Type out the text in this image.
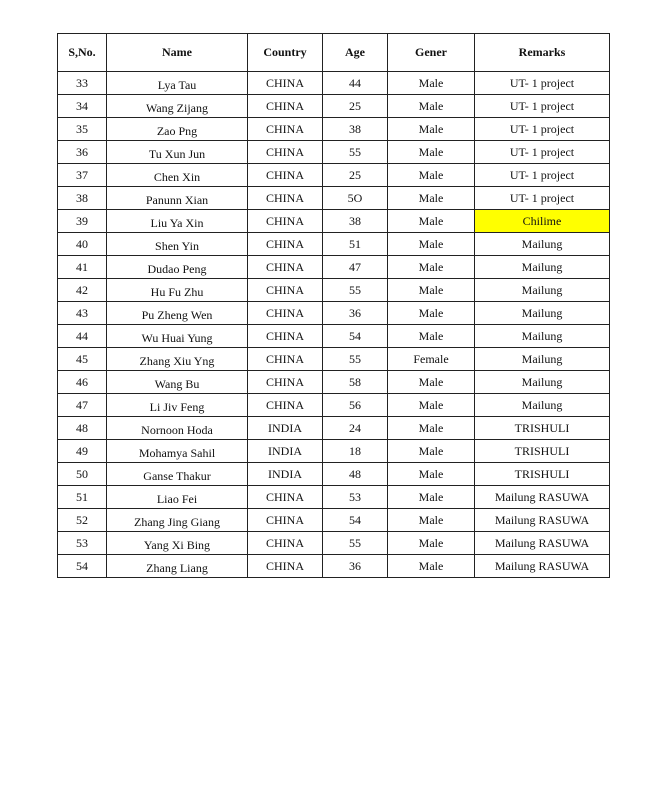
S,No.	Name	Country	Age	Gener	Remarks
33	Lya Tau	CHINA	44	Male	UT- 1 project
34	Wang Zijang	CHINA	25	Male	UT- 1 project
35	Zao Png	CHINA	38	Male	UT- 1 project
36	Tu Xun Jun	CHINA	55	Male	UT- 1 project
37	Chen Xin	CHINA	25	Male	UT- 1 project
38	Panunn Xian	CHINA	5O	Male	UT- 1 project
39	Liu Ya Xin	CHINA	38	Male	Chilime
40	Shen Yin	CHINA	51	Male	Mailung
41	Dudao Peng	CHINA	47	Male	Mailung
42	Hu Fu Zhu	CHINA	55	Male	Mailung
43	Pu Zheng Wen	CHINA	36	Male	Mailung
44	Wu Huai Yung	CHINA	54	Male	Mailung
45	Zhang Xiu Yng	CHINA	55	Female	Mailung
46	Wang Bu	CHINA	58	Male	Mailung
47	Li Jiv Feng	CHINA	56	Male	Mailung
48	Nornoon Hoda	INDIA	24	Male	TRISHULI
49	Mohamya Sahil	INDIA	18	Male	TRISHULI
50	Ganse Thakur	INDIA	48	Male	TRISHULI
51	Liao Fei	CHINA	53	Male	Mailung RASUWA
52	Zhang Jing Giang	CHINA	54	Male	Mailung RASUWA
53	Yang Xi Bing	CHINA	55	Male	Mailung RASUWA
54	Zhang Liang	CHINA	36	Male	Mailung RASUWA
